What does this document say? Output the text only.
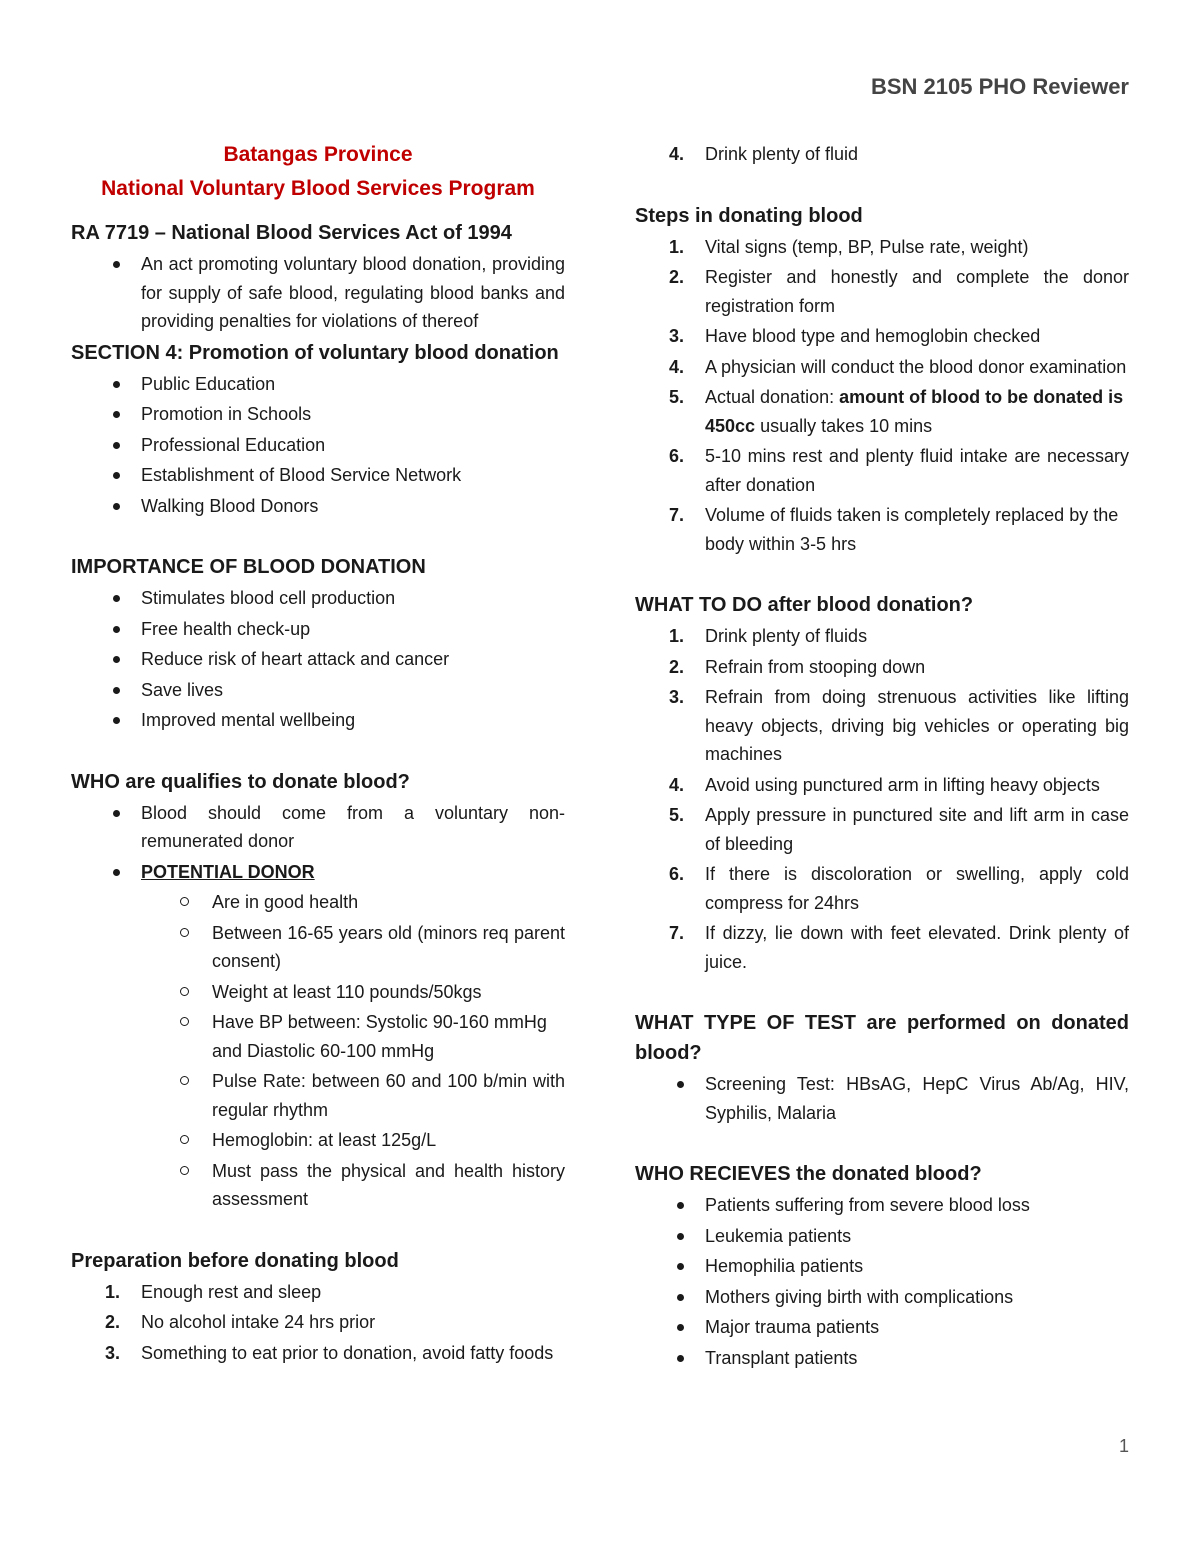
BSN 2105 PHO Reviewer
Batangas Province
National Voluntary Blood Services Program
RA 7719 – National Blood Services Act of 1994
An act promoting voluntary blood donation, providing for supply of safe blood, regulating blood banks and providing penalties for violations of thereof
SECTION 4: Promotion of voluntary blood donation
Public Education
Promotion in Schools
Professional Education
Establishment of Blood Service Network
Walking Blood Donors
IMPORTANCE OF BLOOD DONATION
Stimulates blood cell production
Free health check-up
Reduce risk of heart attack and cancer
Save lives
Improved mental wellbeing
WHO are qualifies to donate blood?
Blood should come from a voluntary non-remunerated donor
POTENTIAL DONOR
Are in good health
Between 16-65 years old (minors req parent consent)
Weight at least 110 pounds/50kgs
Have BP between: Systolic 90-160 mmHg and Diastolic 60-100 mmHg
Pulse Rate: between 60 and 100 b/min with regular rhythm
Hemoglobin: at least 125g/L
Must pass the physical and health history assessment
Preparation before donating blood
1. Enough rest and sleep
2. No alcohol intake 24 hrs prior
3. Something to eat prior to donation, avoid fatty foods
4. Drink plenty of fluid
Steps in donating blood
1. Vital signs (temp, BP, Pulse rate, weight)
2. Register and honestly and complete the donor registration form
3. Have blood type and hemoglobin checked
4. A physician will conduct the blood donor examination
5. Actual donation: amount of blood to be donated is 450cc usually takes 10 mins
6. 5-10 mins rest and plenty fluid intake are necessary after donation
7. Volume of fluids taken is completely replaced by the body within 3-5 hrs
WHAT TO DO after blood donation?
1. Drink plenty of fluids
2. Refrain from stooping down
3. Refrain from doing strenuous activities like lifting heavy objects, driving big vehicles or operating big machines
4. Avoid using punctured arm in lifting heavy objects
5. Apply pressure in punctured site and lift arm in case of bleeding
6. If there is discoloration or swelling, apply cold compress for 24hrs
7. If dizzy, lie down with feet elevated. Drink plenty of juice.
WHAT TYPE OF TEST are performed on donated blood?
Screening Test: HBsAG, HepC Virus Ab/Ag, HIV, Syphilis, Malaria
WHO RECIEVES the donated blood?
Patients suffering from severe blood loss
Leukemia patients
Hemophilia patients
Mothers giving birth with complications
Major trauma patients
Transplant patients
1
